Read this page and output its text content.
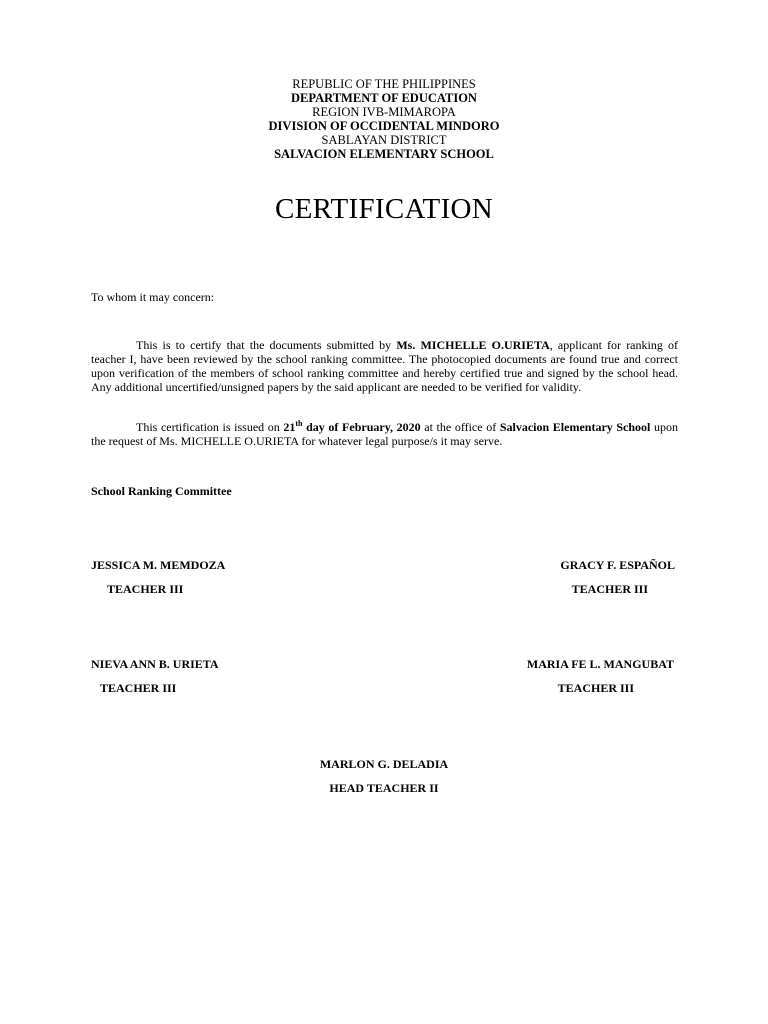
REPUBLIC OF THE PHILIPPINES
DEPARTMENT OF EDUCATION
REGION IVB-MIMAROPA
DIVISION OF OCCIDENTAL MINDORO
SABLAYAN DISTRICT
SALVACION ELEMENTARY SCHOOL
CERTIFICATION
To whom it may concern:
This is to certify that the documents submitted by Ms. MICHELLE O.URIETA, applicant for ranking of teacher I, have been reviewed by the school ranking committee. The photocopied documents are found true and correct upon verification of the members of school ranking committee and hereby certified true and signed by the school head. Any additional uncertified/unsigned papers by the said applicant are needed to be verified for validity.
This certification is issued on 21th day of February, 2020 at the office of Salvacion Elementary School upon the request of Ms. MICHELLE O.URIETA for whatever legal purpose/s it may serve.
School Ranking Committee
JESSICA M. MEMDOZA
TEACHER III
GRACY F. ESPAÑOL
TEACHER III
NIEVA ANN B. URIETA
TEACHER III
MARIA FE L. MANGUBAT
TEACHER III
MARLON G. DELADIA
HEAD TEACHER II
